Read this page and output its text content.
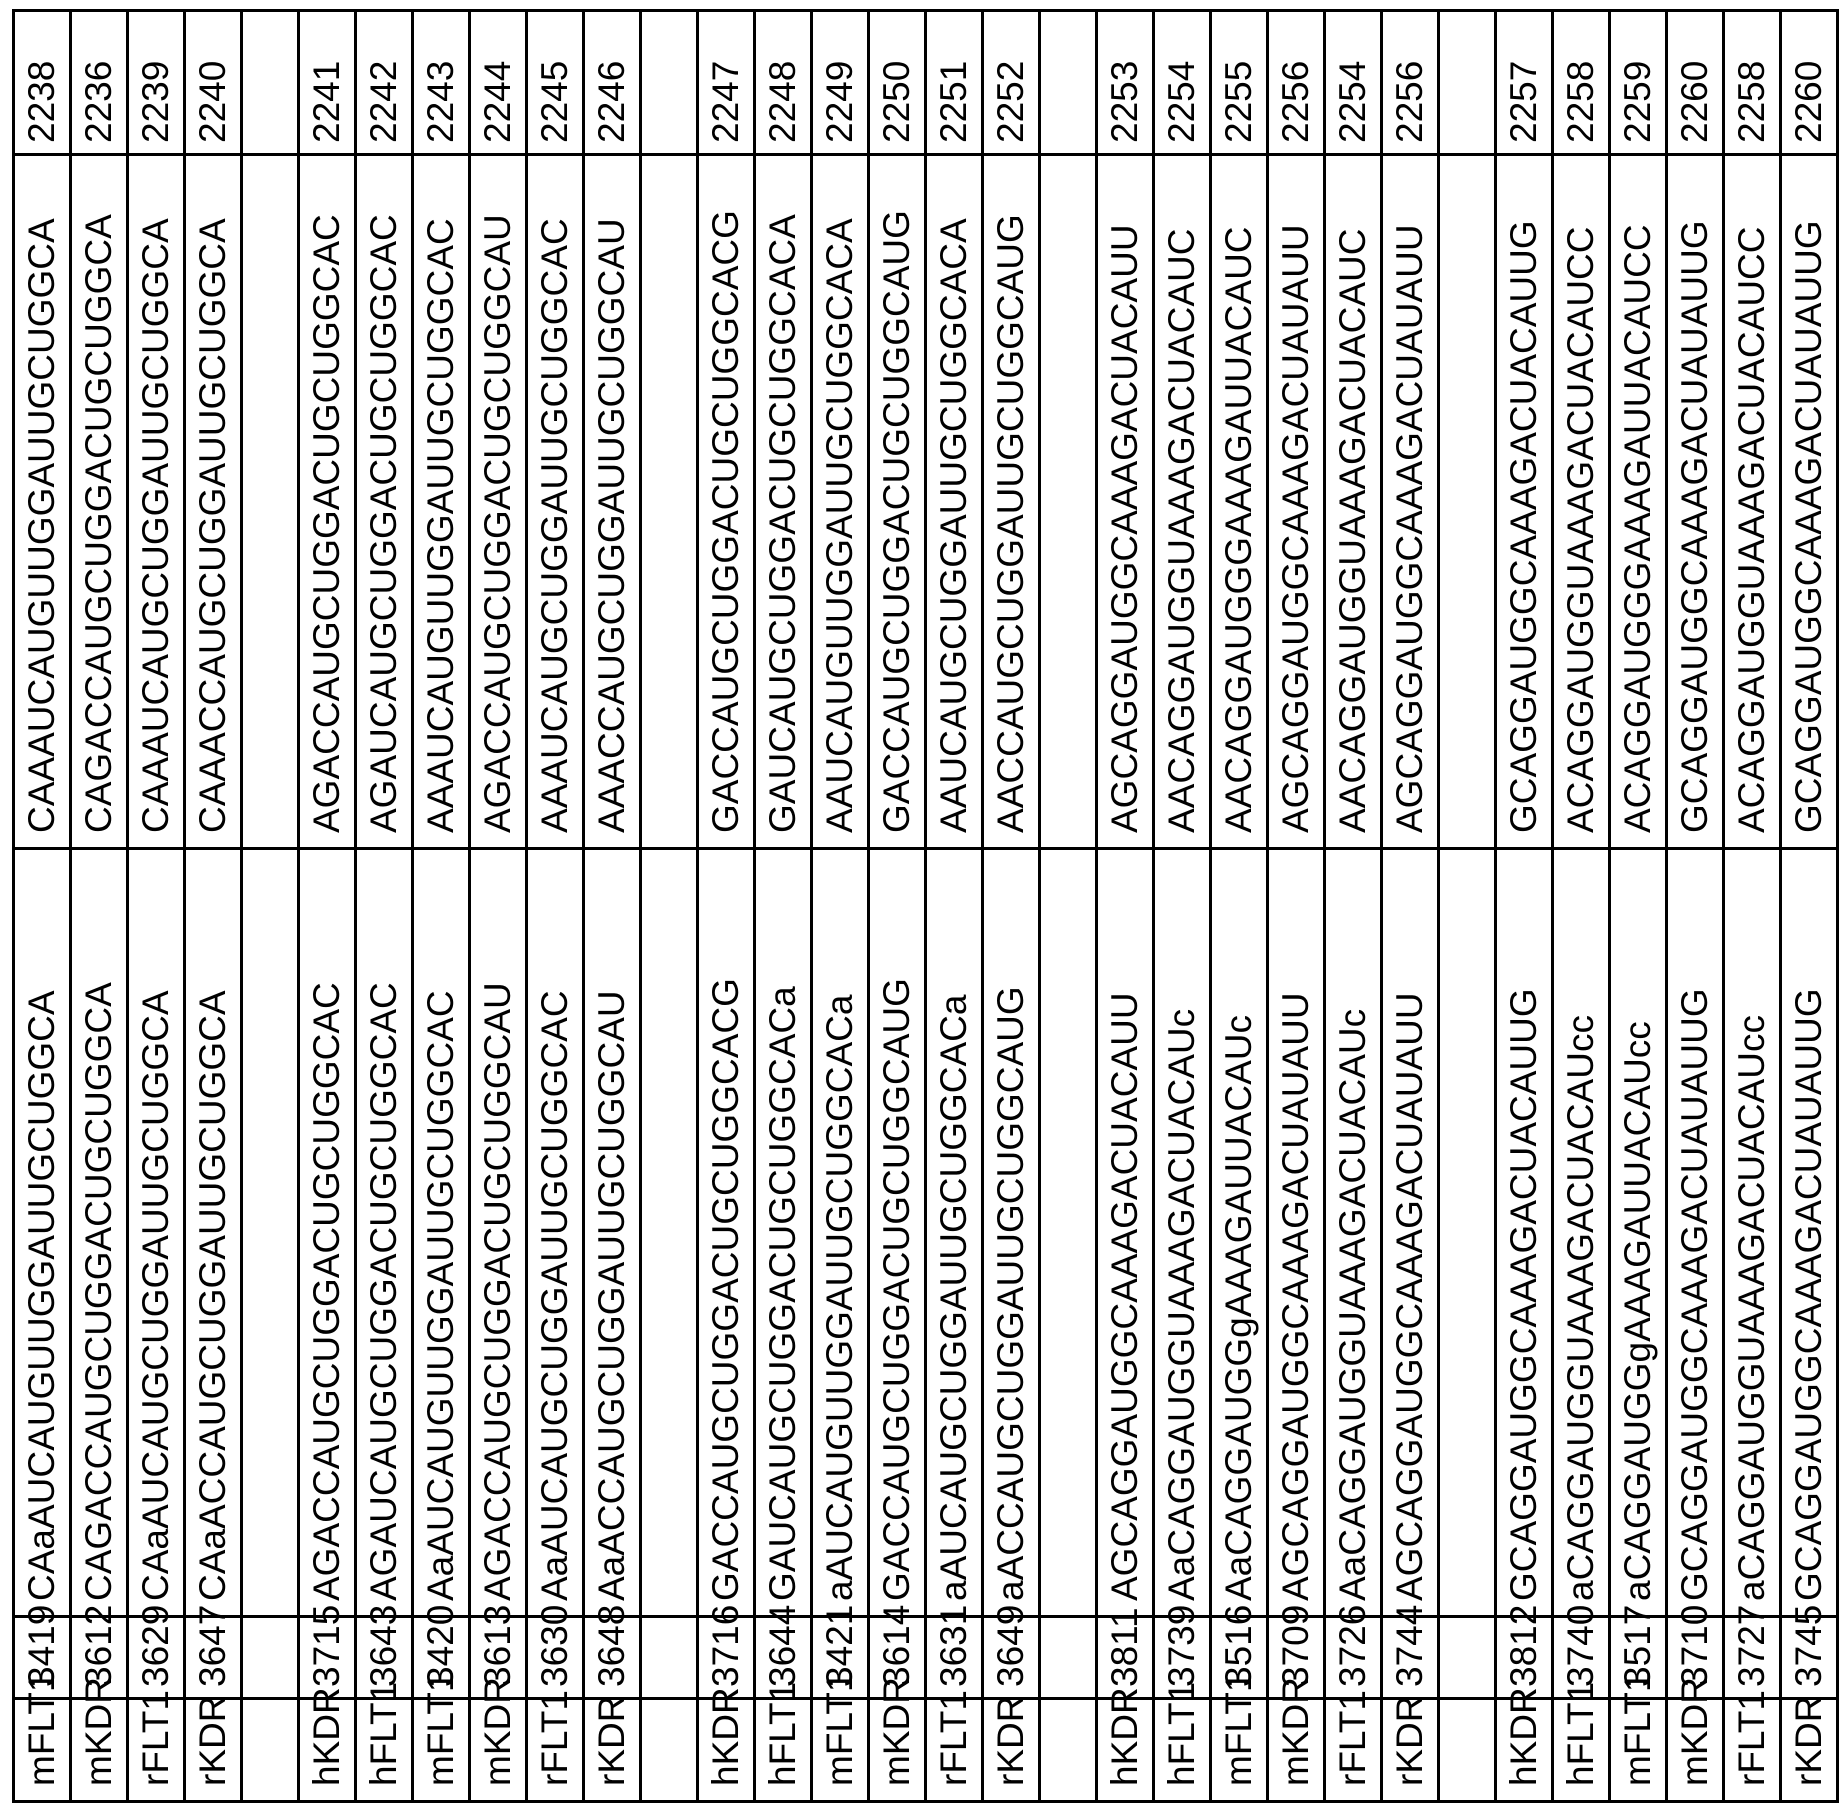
mFLT1	3419	CAaAUCAUGUUGGAUUGCUGGCA	CAAAUCAUGUUGGAUUGCUGGCA	2238
mKDR	3612	CAGACCAUGCUGGACUGCUGGCA	CAGACCAUGCUGGACUGCUGGCA	2236
rFLT1	3629	CAaAUCAUGCUGGAUUGCUGGCA	CAAAUCAUGCUGGAUUGCUGGCA	2239
rKDR	3647	CAaACCAUGCUGGAUUGCUGGCA	CAAACCAUGCUGGAUUGCUGGCA	2240

hKDR	3715	AGACCAUGCUGGACUGCUGGCAC	AGACCAUGCUGGACUGCUGGCAC	2241
hFLT1	3643	AGAUCAUGCUGGACUGCUGGCAC	AGAUCAUGCUGGACUGCUGGCAC	2242
mFLT1	3420	AaAUCAUGUUGGAUUGCUGGCAC	AAAUCAUGUUGGAUUGCUGGCAC	2243
mKDR	3613	AGACCAUGCUGGACUGCUGGCAU	AGACCAUGCUGGACUGCUGGCAU	2244
rFLT1	3630	AaAUCAUGCUGGAUUGCUGGCAC	AAAUCAUGCUGGAUUGCUGGCAC	2245
rKDR	3648	AaACCAUGCUGGAUUGCUGGCAU	AAACCAUGCUGGAUUGCUGGCAU	2246

hKDR	3716	GACCAUGCUGGACUGCUGGCACG	GACCAUGCUGGACUGCUGGCACG	2247
hFLT1	3644	GAUCAUGCUGGACUGCUGGCACa	GAUCAUGCUGGACUGCUGGCACA	2248
mFLT1	3421	aAUCAUGUUGGAUUGCUGGCACa	AAUCAUGUUGGAUUGCUGGCACA	2249
mKDR	3614	GACCAUGCUGGACUGCUGGCAUG	GACCAUGCUGGACUGCUGGCAUG	2250
rFLT1	3631	aAUCAUGCUGGAUUGCUGGCACa	AAUCAUGCUGGAUUGCUGGCACA	2251
rKDR	3649	aACCAUGCUGGAUUGCUGGCAUG	AACCAUGCUGGAUUGCUGGCAUG	2252

hKDR	3811	AGCAGGAUGGCAAAGACUACAUU	AGCAGGAUGGCAAAGACUACAUU	2253
hFLT1	3739	AaCAGGAUGGUAAAGACUACAUc	AACAGGAUGGUAAAGACUACAUC	2254
mFLT1	3516	AaCAGGAUGGgAAAGAUUACAUc	AACAGGAUGGGAAAGAUUACAUC	2255
mKDR	3709	AGCAGGAUGGCAAAGACUAUAUU	AGCAGGAUGGCAAAGACUAUAUU	2256
rFLT1	3726	AaCAGGAUGGUAAAGACUACAUc	AACAGGAUGGUAAAGACUACAUC	2254
rKDR	3744	AGCAGGAUGGCAAAGACUAUAUU	AGCAGGAUGGCAAAGACUAUAUU	2256

hKDR	3812	GCAGGAUGGCAAAGACUACAUUG	GCAGGAUGGCAAAGACUACAUUG	2257
hFLT1	3740	aCAGGAUGGUAAAGACUACAUcc	ACAGGAUGGUAAAGACUACAUCC	2258
mFLT1	3517	aCAGGAUGGgAAAGAUUACAUcc	ACAGGAUGGGAAAGAUUACAUCC	2259
mKDR	3710	GCAGGAUGGCAAAGACUAUAUUG	GCAGGAUGGCAAAGACUAUAUUG	2260
rFLT1	3727	aCAGGAUGGUAAAGACUACAUcc	ACAGGAUGGUAAAGACUACAUCC	2258
rKDR	3745	GCAGGAUGGCAAAGACUAUAUUG	GCAGGAUGGCAAAGACUAUAUUG	2260
